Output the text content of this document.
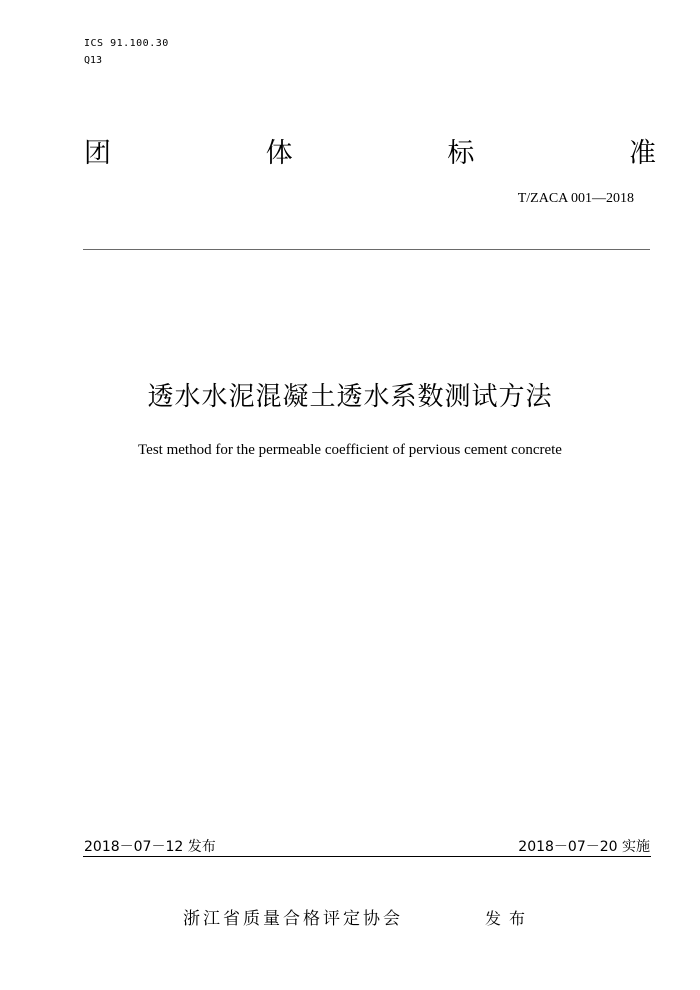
ICS 91.100.30
Q13
团	体	标	准
T/ZACA 001—2018
透水水泥混凝土透水系数测试方法
Test method for the permeable coefficient of pervious cement concrete
2018－07－12 发布	2018－07－20 实施
浙江省质量合格评定协会	发布
